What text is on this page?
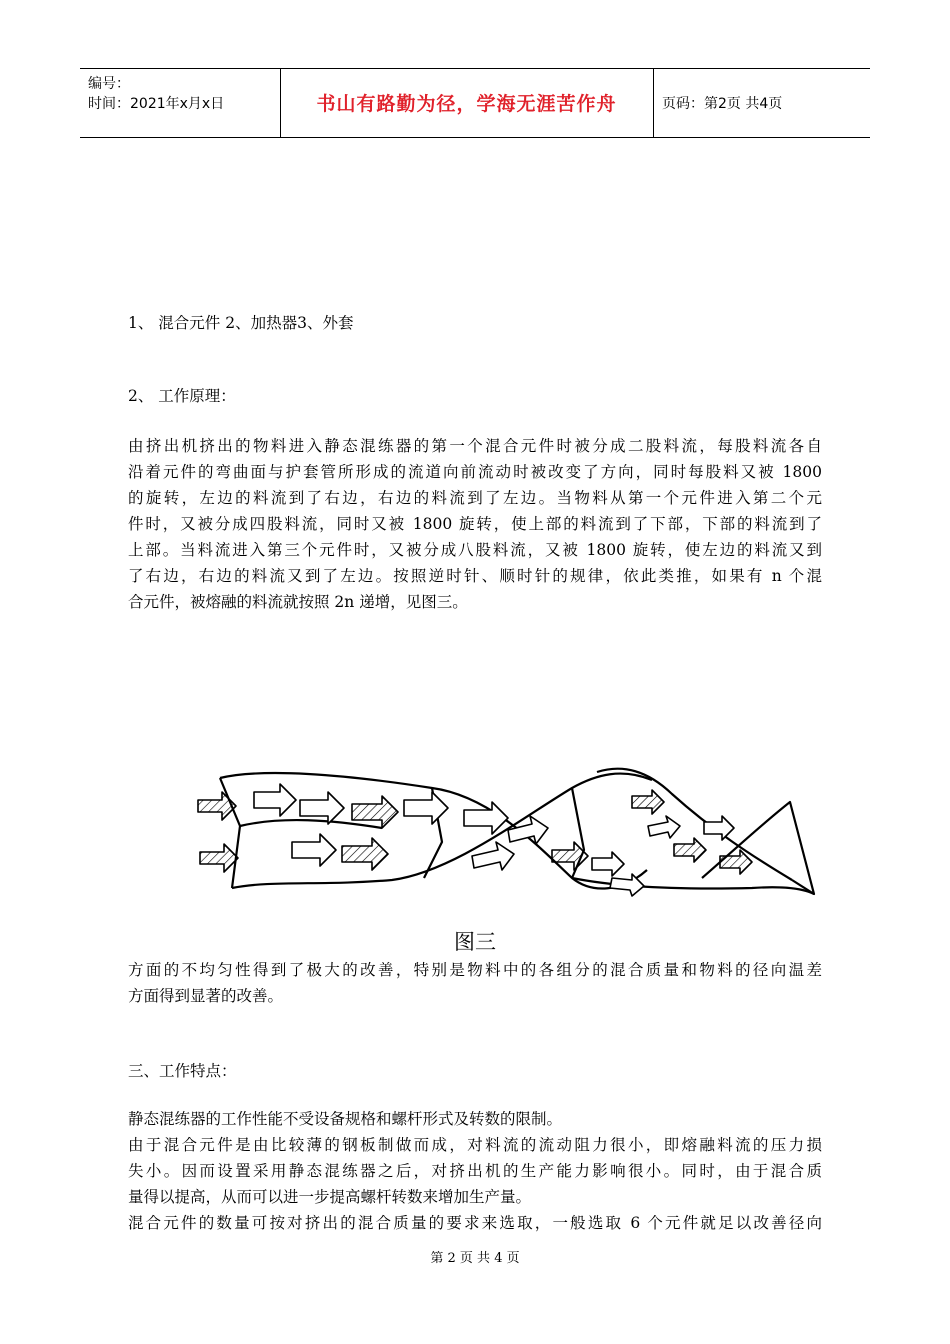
编号：
时间：2021年x月x日	书山有路勤为径，学海无涯苦作舟	页码：第2页 共4页
1、 混合元件 2、加热器3、外套
2、 工作原理：
由挤出机挤出的物料进入静态混练器的第一个混合元件时被分成二股料流，每股料流各自
沿着元件的弯曲面与护套管所形成的流道向前流动时被改变了方向，同时每股料又被 1800
的旋转，左边的料流到了右边，右边的料流到了左边。当物料从第一个元件进入第二个元
件时，又被分成四股料流，同时又被 1800 旋转，使上部的料流到了下部，下部的料流到了
上部。当料流进入第三个元件时，又被分成八股料流，又被 1800 旋转，使左边的料流又到
了右边，右边的料流又到了左边。按照逆时针、顺时针的规律，依此类推，如果有 n 个混
合元件，被熔融的料流就按照 2n 递增，见图三。
图三
方面的不均匀性得到了极大的改善，特别是物料中的各组分的混合质量和物料的径向温差
方面得到显著的改善。
三、工作特点：
静态混练器的工作性能不受设备规格和螺杆形式及转数的限制。
由于混合元件是由比较薄的钢板制做而成，对料流的流动阻力很小，即熔融料流的压力损
失小。因而设置采用静态混练器之后，对挤出机的生产能力影响很小。同时，由于混合质
量得以提高，从而可以进一步提高螺杆转数来增加生产量。
混合元件的数量可按对挤出的混合质量的要求来选取，一般选取 6 个元件就足以改善径向
第 2 页 共 4 页
